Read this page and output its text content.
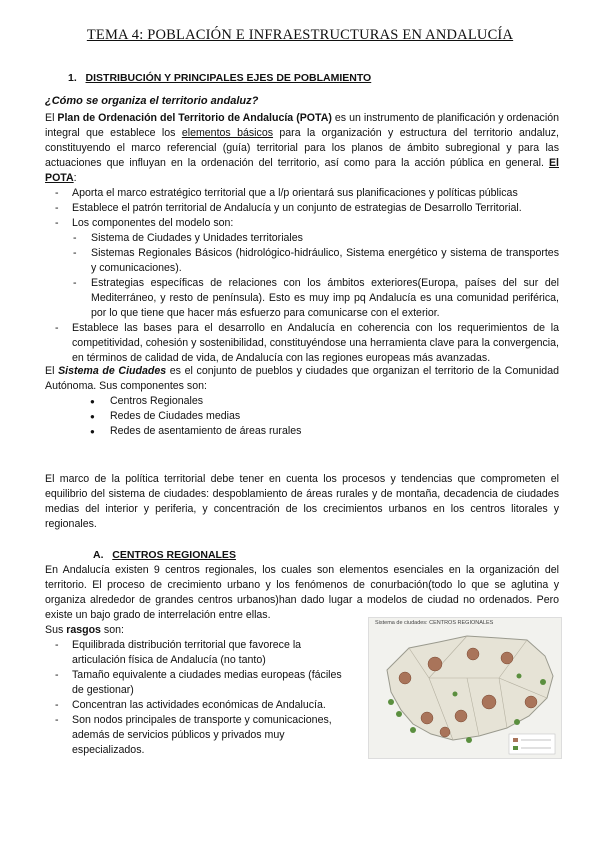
TEMA 4: POBLACIÓN E INFRAESTRUCTURAS EN ANDALUCÍA
1. DISTRIBUCIÓN Y PRINCIPALES EJES DE POBLAMIENTO
¿Cómo se organiza el territorio andaluz?

El Plan de Ordenación del Territorio de Andalucía (POTA) es un instrumento de planificación y ordenación integral que establece los elementos básicos para la organización y estructura del territorio andaluz, constituyendo el marco referencial (guía) territorial para los planos de ámbito subregional y para las actuaciones que influyan en la ordenación del territorio, así como para la acción pública en general. El POTA:

- Aporta el marco estratégico territorial que a l/p orientará sus planificaciones y políticas públicas
- Establece el patrón territorial de Andalucía y un conjunto de estrategias de Desarrollo Territorial.
- Los componentes del modelo son:
- Sistema de Ciudades y Unidades territoriales
- Sistemas Regionales Básicos (hidrológico-hidráulico, Sistema energético y sistema de transportes y comunicaciones).
- Estrategias específicas de relaciones con los ámbitos exteriores(Europa, países del sur del Mediterráneo, y resto de península). Esto es muy imp pq Andalucía es una comunidad periférica, por lo que tiene que hacer más esfuerzo para comunicarse con el exterior.
- Establece las bases para el desarrollo en Andalucía en coherencia con los requerimientos de la competitividad, cohesión y sostenibilidad, constituyéndose una herramienta clave para la convergencia, en términos de calidad de vida, de Andalucía con las regiones europeas más avanzadas.

El Sistema de Ciudades es el conjunto de pueblos y ciudades que organizan el territorio de la Comunidad Autónoma. Sus componentes son:

● Centros Regionales
● Redes de Ciudades medias
● Redes de asentamiento de áreas rurales

El marco de la política territorial debe tener en cuenta los procesos y tendencias que comprometen el equilibrio del sistema de ciudades: despoblamiento de áreas rurales y de montaña, decadencia de ciudades medias del interior y periferia, y concentración de los crecimientos urbanos en los centros litorales y regionales.

A. CENTROS REGIONALES

En Andalucía existen 9 centros regionales, los cuales son elementos esenciales en la organización del territorio. El proceso de crecimiento urbano y los fenómenos de conurbación(todo lo que se aglutina y organiza alrededor de grandes centros urbanos)han dado lugar a modelos de ciudad no ordenados. Pero existe un bajo grado de interrelación entre ellas.

Sus rasgos son:

- Equilibrada distribución territorial que favorece la articulación física de Andalucía (no tanto)
- Tamaño equivalente a ciudades medias europeas (fáciles de gestionar)
- Concentran las actividades económicas de Andalucía.
- Son nodos principales de transporte y comunicaciones, además de servicios públicos y privados muy especializados.
Sistema de ciudades: CENTROS REGIONALES
